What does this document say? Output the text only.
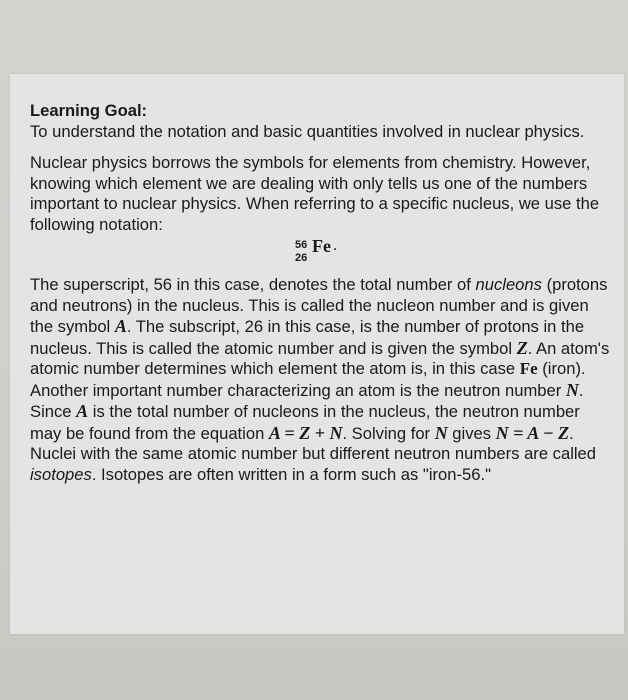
Learning Goal:

To understand the notation and basic quantities involved in nuclear physics.

Nuclear physics borrows the symbols for elements from chemistry. However, knowing which element we are dealing with only tells us one of the numbers important to nuclear physics. When referring to a specific nucleus, we use the following notation:

56
26
Fe .

The superscript, 56 in this case, denotes the total number of nucleons (protons and neutrons) in the nucleus. This is called the nucleon number and is given the symbol A. The subscript, 26 in this case, is the number of protons in the nucleus. This is called the atomic number and is given the symbol Z. An atom's atomic number determines which element the atom is, in this case Fe (iron). Another important number characterizing an atom is the neutron number N. Since A is the total number of nucleons in the nucleus, the neutron number may be found from the equation A = Z + N. Solving for N gives N = A − Z. Nuclei with the same atomic number but different neutron numbers are called isotopes. Isotopes are often written in a form such as "iron-56."
